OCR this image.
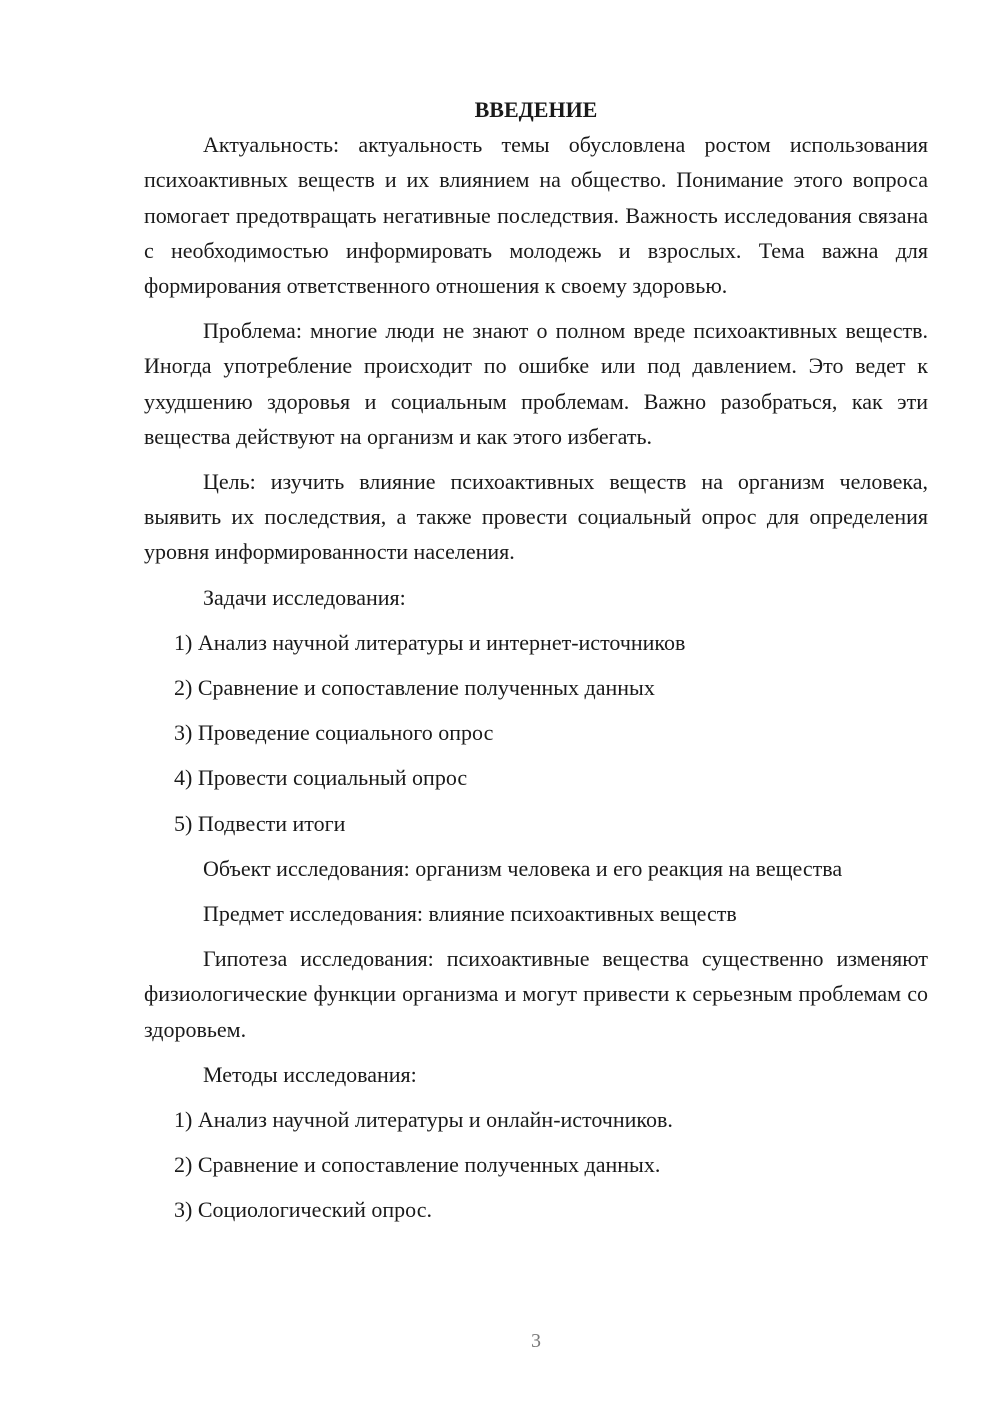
ВВЕДЕНИЕ

Актуальность: актуальность темы обусловлена ростом использования психоактивных веществ и их влиянием на общество. Понимание этого вопроса помогает предотвращать негативные последствия. Важность исследования связана с необходимостью информировать молодежь и взрослых. Тема важна для формирования ответственного отношения к своему здоровью.

Проблема: многие люди не знают о полном вреде психоактивных веществ. Иногда употребление происходит по ошибке или под давлением. Это ведет к ухудшению здоровья и социальным проблемам. Важно разобраться, как эти вещества действуют на организм и как этого избегать.

Цель: изучить влияние психоактивных веществ на организм человека, выявить их последствия, а также провести социальный опрос для определения уровня информированности населения.

Задачи исследования:
1) Анализ научной литературы и интернет-источников
2) Сравнение и сопоставление полученных данных
3) Проведение социального опрос
4) Провести социальный опрос
5) Подвести итоги
Объект исследования: организм человека и его реакция на вещества
Предмет исследования: влияние психоактивных веществ

Гипотеза исследования: психоактивные вещества существенно изменяют физиологические функции организма и могут привести к серьезным проблемам со здоровьем.

Методы исследования:
1) Анализ научной литературы и онлайн-источников.
2) Сравнение и сопоставление полученных данных.
3) Социологический опрос.
3
